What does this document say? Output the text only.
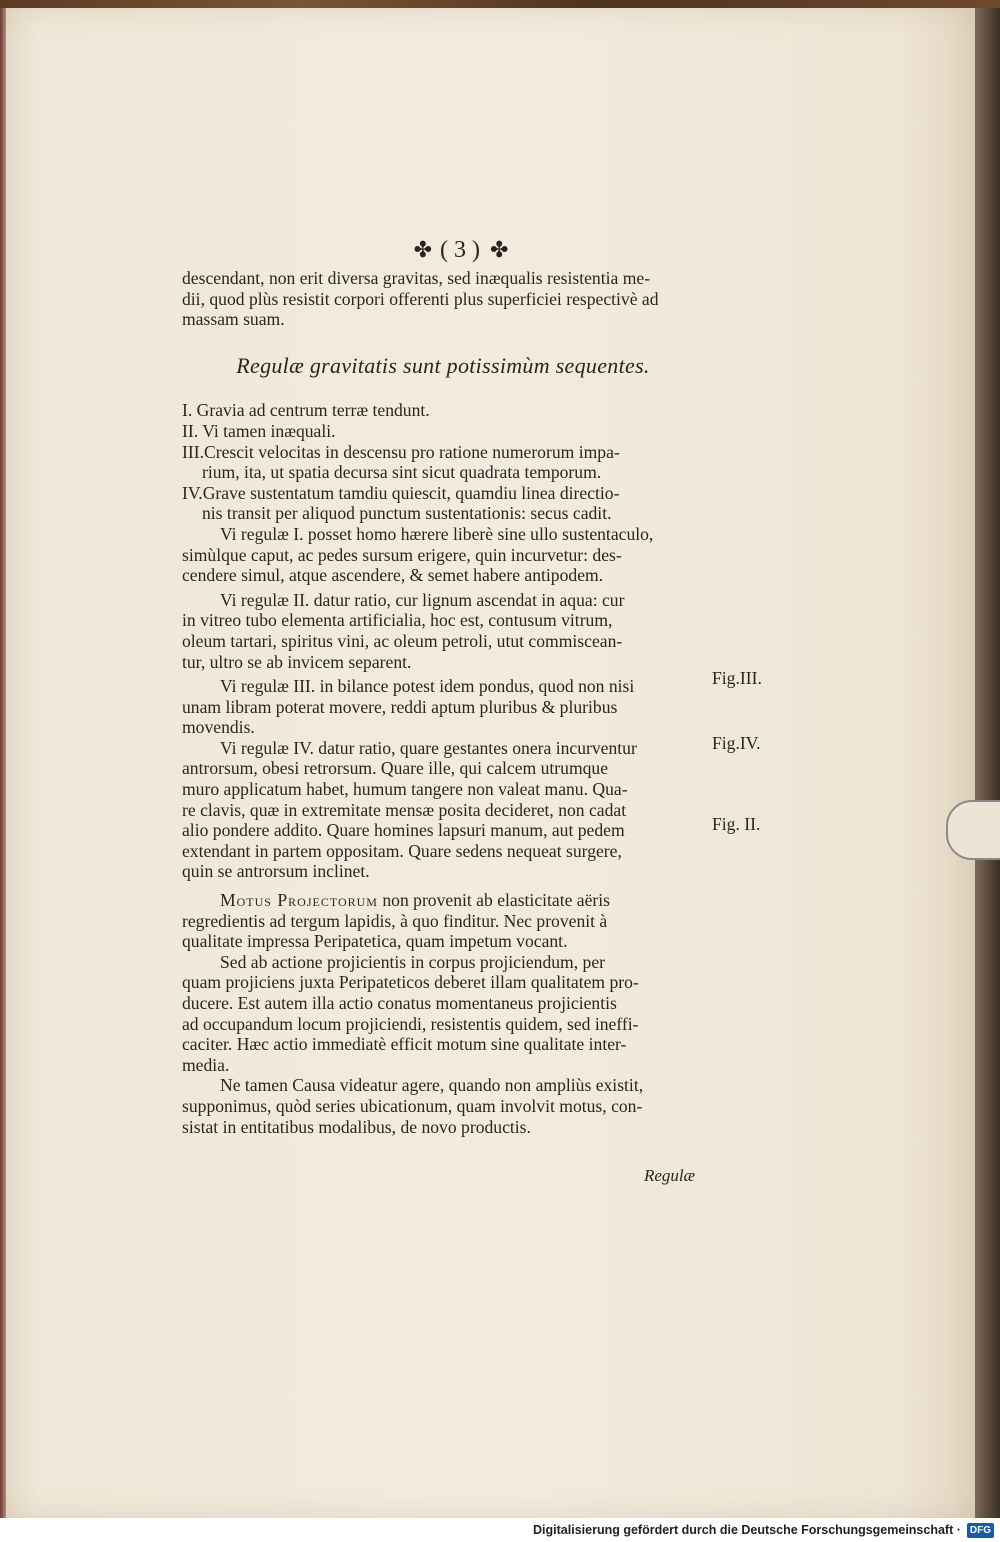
✤ ( 3 ) ✤
descendant, non erit diversa gravitas, sed inæqualis resistentia me-
dii, quod plùs resistit corpori offerenti plus superficiei respectivè ad
massam suam.
Regulæ gravitatis sunt potissimùm sequentes.
I. Gravia ad centrum terræ tendunt.
II. Vi tamen inæquali.
III.Crescit velocitas in descensu pro ratione numerorum impa-
rium, ita, ut spatia decursa sint sicut quadrata temporum.
IV.Grave sustentatum tamdiu quiescit, quamdiu linea directio-
nis transit per aliquod punctum sustentationis: secus cadit.
Vi regulæ I. posset homo hærere liberè sine ullo sustentaculo,
simùlque caput, ac pedes sursum erigere, quin incurvetur: des-
cendere simul, atque ascendere, & semet habere antipodem.
Vi regulæ II. datur ratio, cur lignum ascendat in aqua: cur
in vitreo tubo elementa artificialia, hoc est, contusum vitrum,
oleum tartari, spiritus vini, ac oleum petroli, utut commiscean-
tur, ultro se ab invicem separent.
Vi regulæ III. in bilance potest idem pondus, quod non nisi
unam libram poterat movere, reddi aptum pluribus & pluribus
movendis.
Vi regulæ IV. datur ratio, quare gestantes onera incurventur
antrorsum, obesi retrorsum. Quare ille, qui calcem utrumque
muro applicatum habet, humum tangere non valeat manu. Qua-
re clavis, quæ in extremitate mensæ posita decideret, non cadat
alio pondere addito. Quare homines lapsuri manum, aut pedem
extendant in partem oppositam. Quare sedens nequeat surgere,
quin se antrorsum inclinet.
Motus Projectorum non provenit ab elasticitate aëris
regredientis ad tergum lapidis, à quo finditur. Nec provenit à
qualitate impressa Peripatetica, quam impetum vocant.
Sed ab actione projicientis in corpus projiciendum, per
quam projiciens juxta Peripateticos deberet illam qualitatem pro-
ducere. Est autem illa actio conatus momentaneus projicientis
ad occupandum locum projiciendi, resistentis quidem, sed ineffi-
caciter. Hæc actio immediatè efficit motum sine qualitate inter-
media.
Ne tamen Causa videatur agere, quando non ampliùs existit,
supponimus, quòd series ubicationum, quam involvit motus, con-
sistat in entitatibus modalibus, de novo productis.
Fig.III.
Fig.IV.
Fig. II.
Regulæ
Digitalisierung gefördert durch die Deutsche Forschungsgemeinschaft · DFG
